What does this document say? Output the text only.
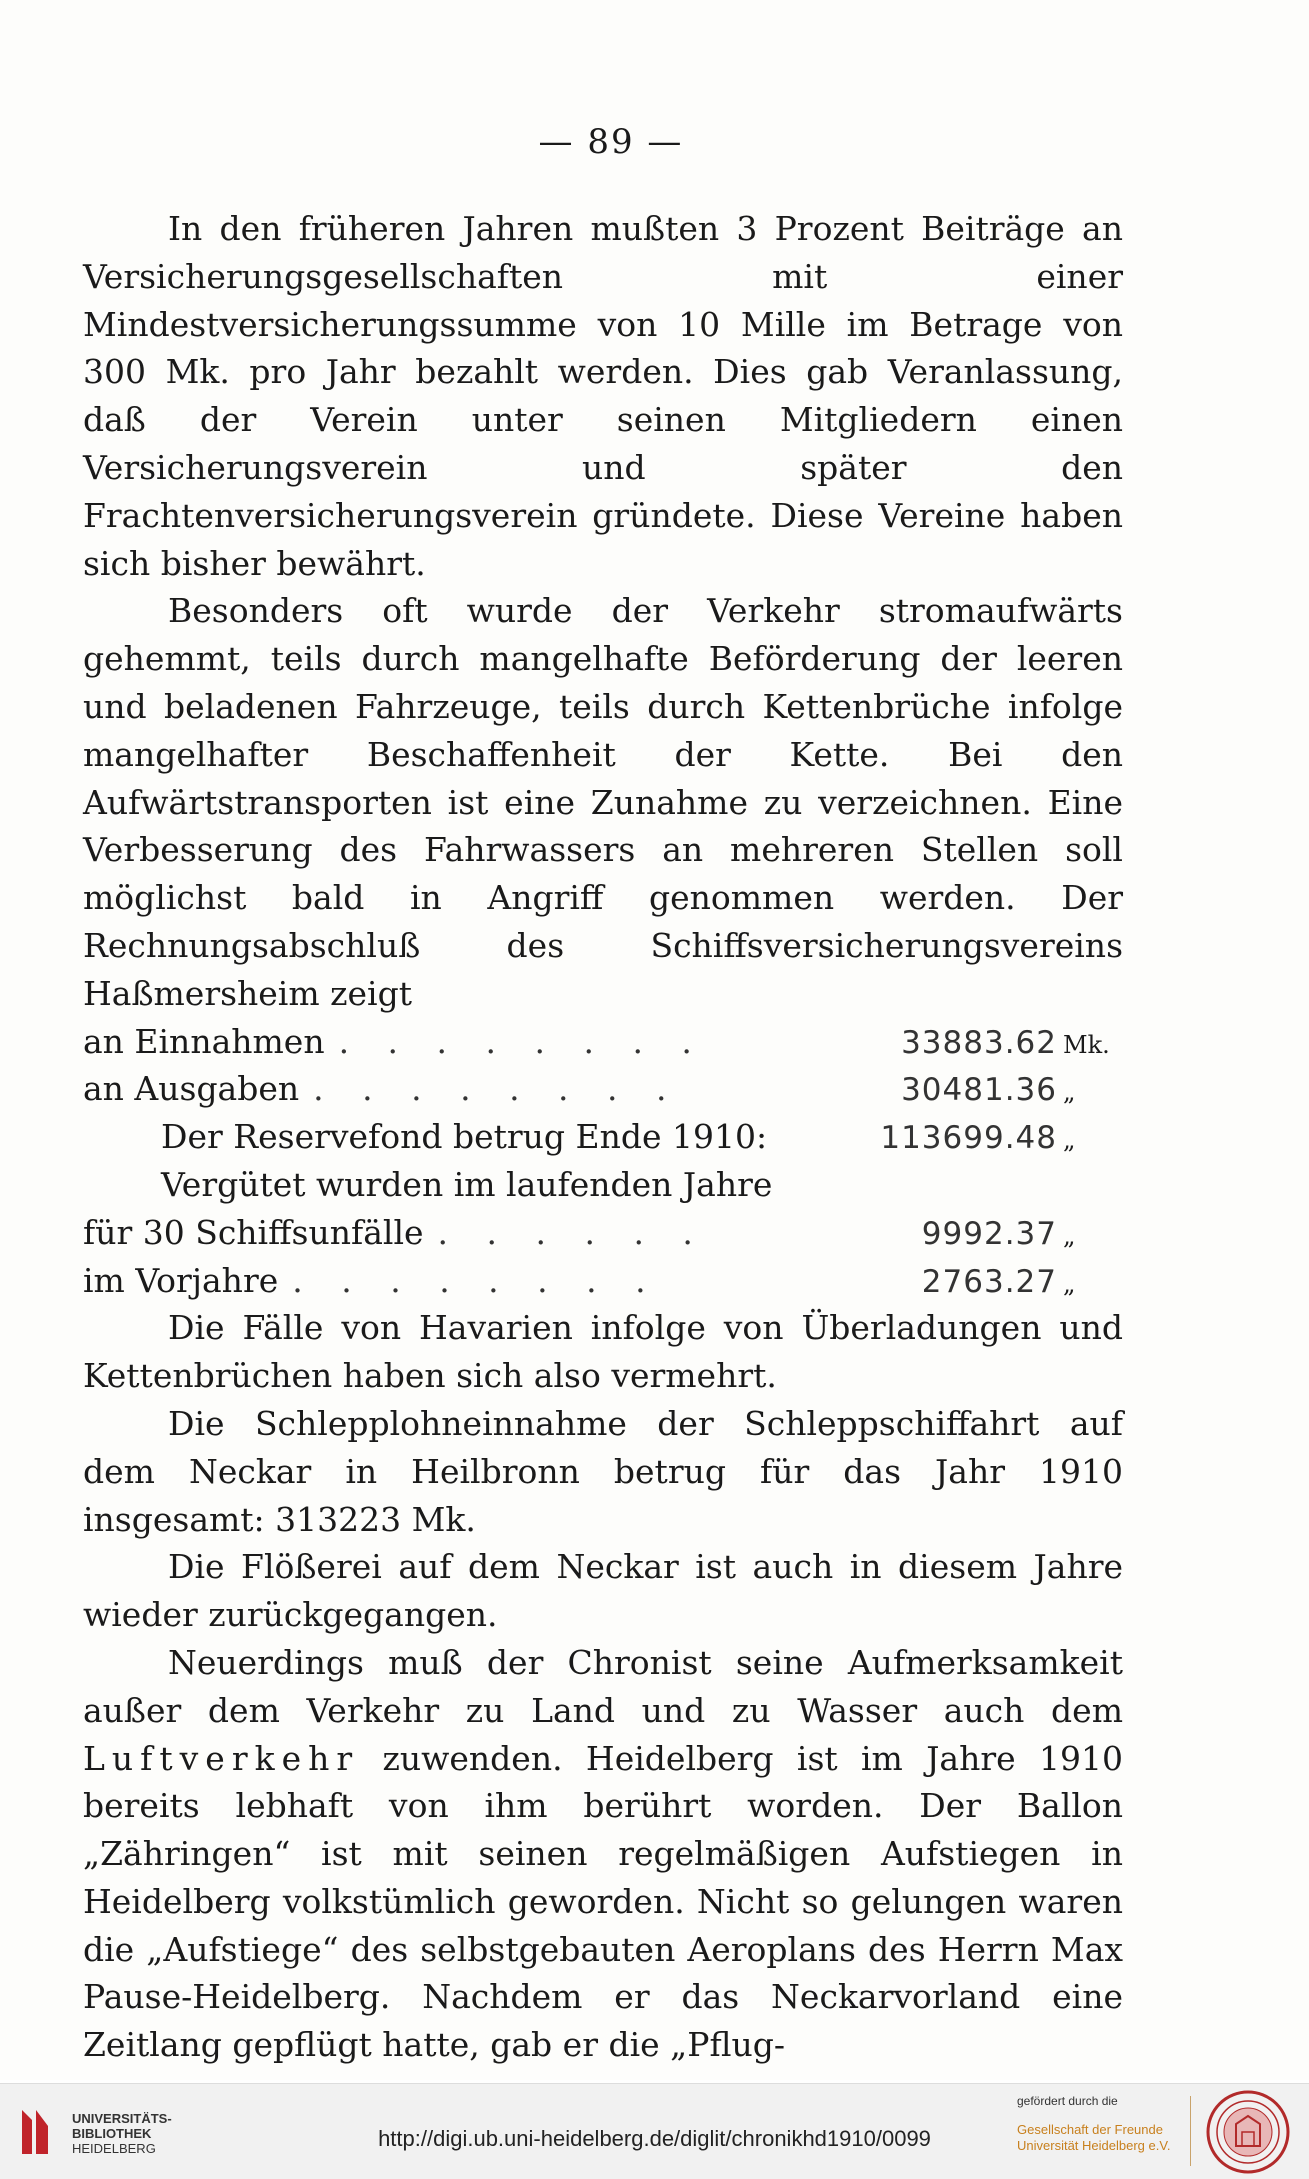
— 89 —

In den früheren Jahren mußten 3 Prozent Beiträge an Versicherungsgesellschaften mit einer Mindestversicherungssumme von 10 Mille im Betrage von 300 Mk. pro Jahr bezahlt werden. Dies gab Veranlassung, daß der Verein unter seinen Mitgliedern einen Versicherungsverein und später den Frachtenversicherungsverein gründete. Diese Vereine haben sich bisher bewährt.

Besonders oft wurde der Verkehr stromaufwärts gehemmt, teils durch mangelhafte Beförderung der leeren und beladenen Fahrzeuge, teils durch Kettenbrüche infolge mangelhafter Beschaffenheit der Kette. Bei den Aufwärtstransporten ist eine Zunahme zu verzeichnen. Eine Verbesserung des Fahrwassers an mehreren Stellen soll möglichst bald in Angriff genommen werden. Der Rechnungsabschluß des Schiffsversicherungsvereins Haßmersheim zeigt

an Einnahmen . . . . . . . .	33883.62 Mk.
an Ausgaben . . . . . . . .	30481.36 „
Der Reservefond betrug Ende 1910:	113699.48 „
Vergütet wurden im laufenden Jahre
für 30 Schiffsunfälle . . . . . .	9992.37 „
im Vorjahre . . . . . . . .	2763.27 „

Die Fälle von Havarien infolge von Überladungen und Kettenbrüchen haben sich also vermehrt.

Die Schlepplohneinnahme der Schleppschiffahrt auf dem Neckar in Heilbronn betrug für das Jahr 1910 insgesamt: 313223 Mk.

Die Flößerei auf dem Neckar ist auch in diesem Jahre wieder zurückgegangen.

Neuerdings muß der Chronist seine Aufmerksamkeit außer dem Verkehr zu Land und zu Wasser auch dem Luftverkehr zuwenden. Heidelberg ist im Jahre 1910 bereits lebhaft von ihm berührt worden. Der Ballon „Zähringen“ ist mit seinen regelmäßigen Aufstiegen in Heidelberg volkstümlich geworden. Nicht so gelungen waren die „Aufstiege“ des selbstgebauten Aeroplans des Herrn Max Pause-Heidelberg. Nachdem er das Neckarvorland eine Zeitlang gepflügt hatte, gab er die „Pflug-

UNIVERSITÄTS-
BIBLIOTHEK
HEIDELBERG	http://digi.ub.uni-heidelberg.de/diglit/chronikhd1910/0099
gefördert durch die
Gesellschaft der Freunde
Universität Heidelberg e.V.
